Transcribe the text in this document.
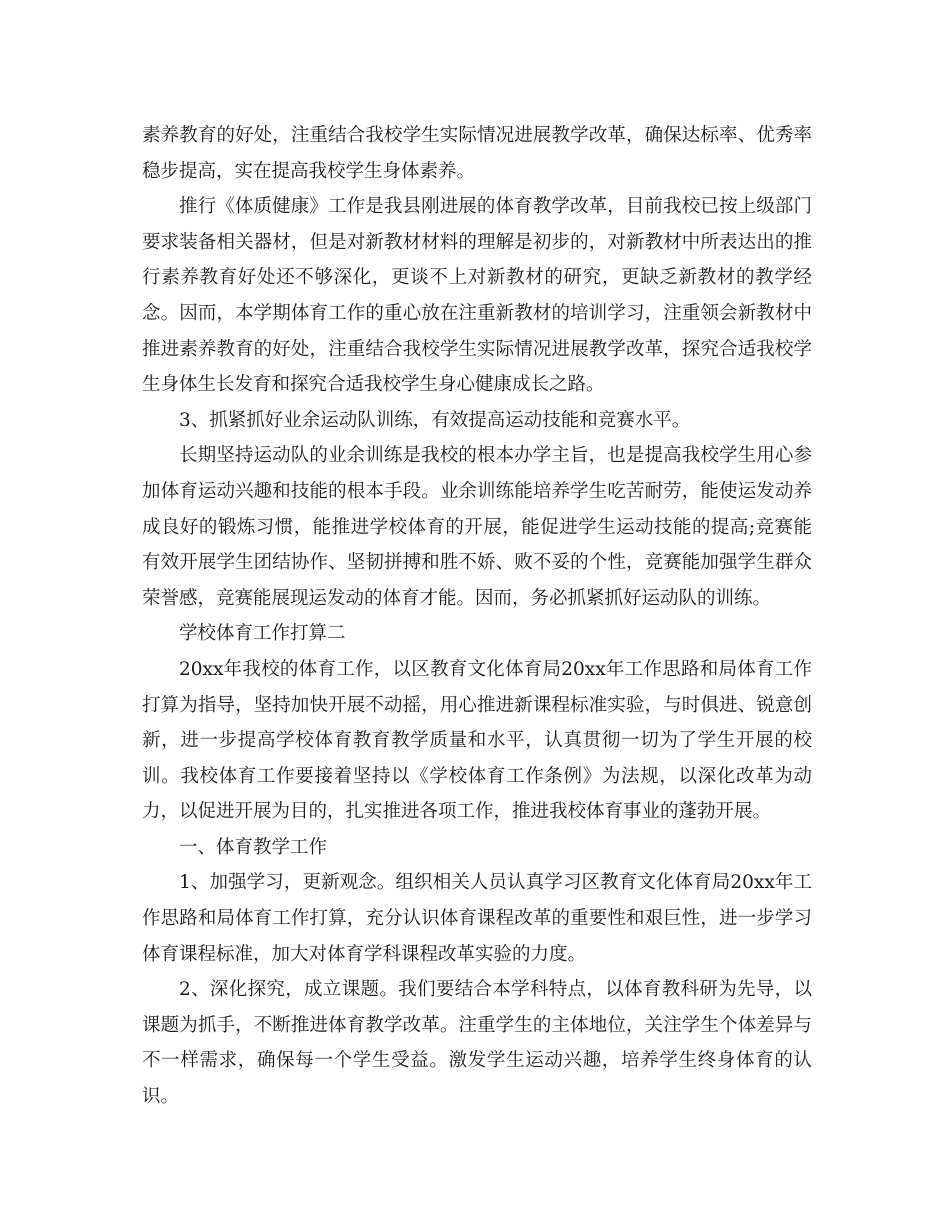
素养教育的好处，注重结合我校学生实际情况进展教学改革，确保达标率、优秀率稳步提高，实在提高我校学生身体素养。

推行《体质健康》工作是我县刚进展的体育教学改革，目前我校已按上级部门要求装备相关器材，但是对新教材材料的理解是初步的，对新教材中所表达出的推行素养教育好处还不够深化，更谈不上对新教材的研究，更缺乏新教材的教学经念。因而，本学期体育工作的重心放在注重新教材的培训学习，注重领会新教材中推进素养教育的好处，注重结合我校学生实际情况进展教学改革，探究合适我校学生身体生长发育和探究合适我校学生身心健康成长之路。

3、抓紧抓好业余运动队训练，有效提高运动技能和竞赛水平。

长期坚持运动队的业余训练是我校的根本办学主旨，也是提高我校学生用心参加体育运动兴趣和技能的根本手段。业余训练能培养学生吃苦耐劳，能使运发动养成良好的锻炼习惯，能推进学校体育的开展，能促进学生运动技能的提高;竞赛能有效开展学生团结协作、坚韧拼搏和胜不娇、败不妥的个性，竞赛能加强学生群众荣誉感，竞赛能展现运发动的体育才能。因而，务必抓紧抓好运动队的训练。

学校体育工作打算二

20xx年我校的体育工作，以区教育文化体育局20xx年工作思路和局体育工作打算为指导，坚持加快开展不动摇，用心推进新课程标准实验，与时俱进、锐意创新，进一步提高学校体育教育教学质量和水平，认真贯彻一切为了学生开展的校训。我校体育工作要接着坚持以《学校体育工作条例》为法规，以深化改革为动力，以促进开展为目的，扎实推进各项工作，推进我校体育事业的蓬勃开展。

一、体育教学工作

1、加强学习，更新观念。组织相关人员认真学习区教育文化体育局20xx年工作思路和局体育工作打算，充分认识体育课程改革的重要性和艰巨性，进一步学习体育课程标准，加大对体育学科课程改革实验的力度。

2、深化探究，成立课题。我们要结合本学科特点，以体育教科研为先导，以课题为抓手，不断推进体育教学改革。注重学生的主体地位，关注学生个体差异与不一样需求，确保每一个学生受益。激发学生运动兴趣，培养学生终身体育的认识。
